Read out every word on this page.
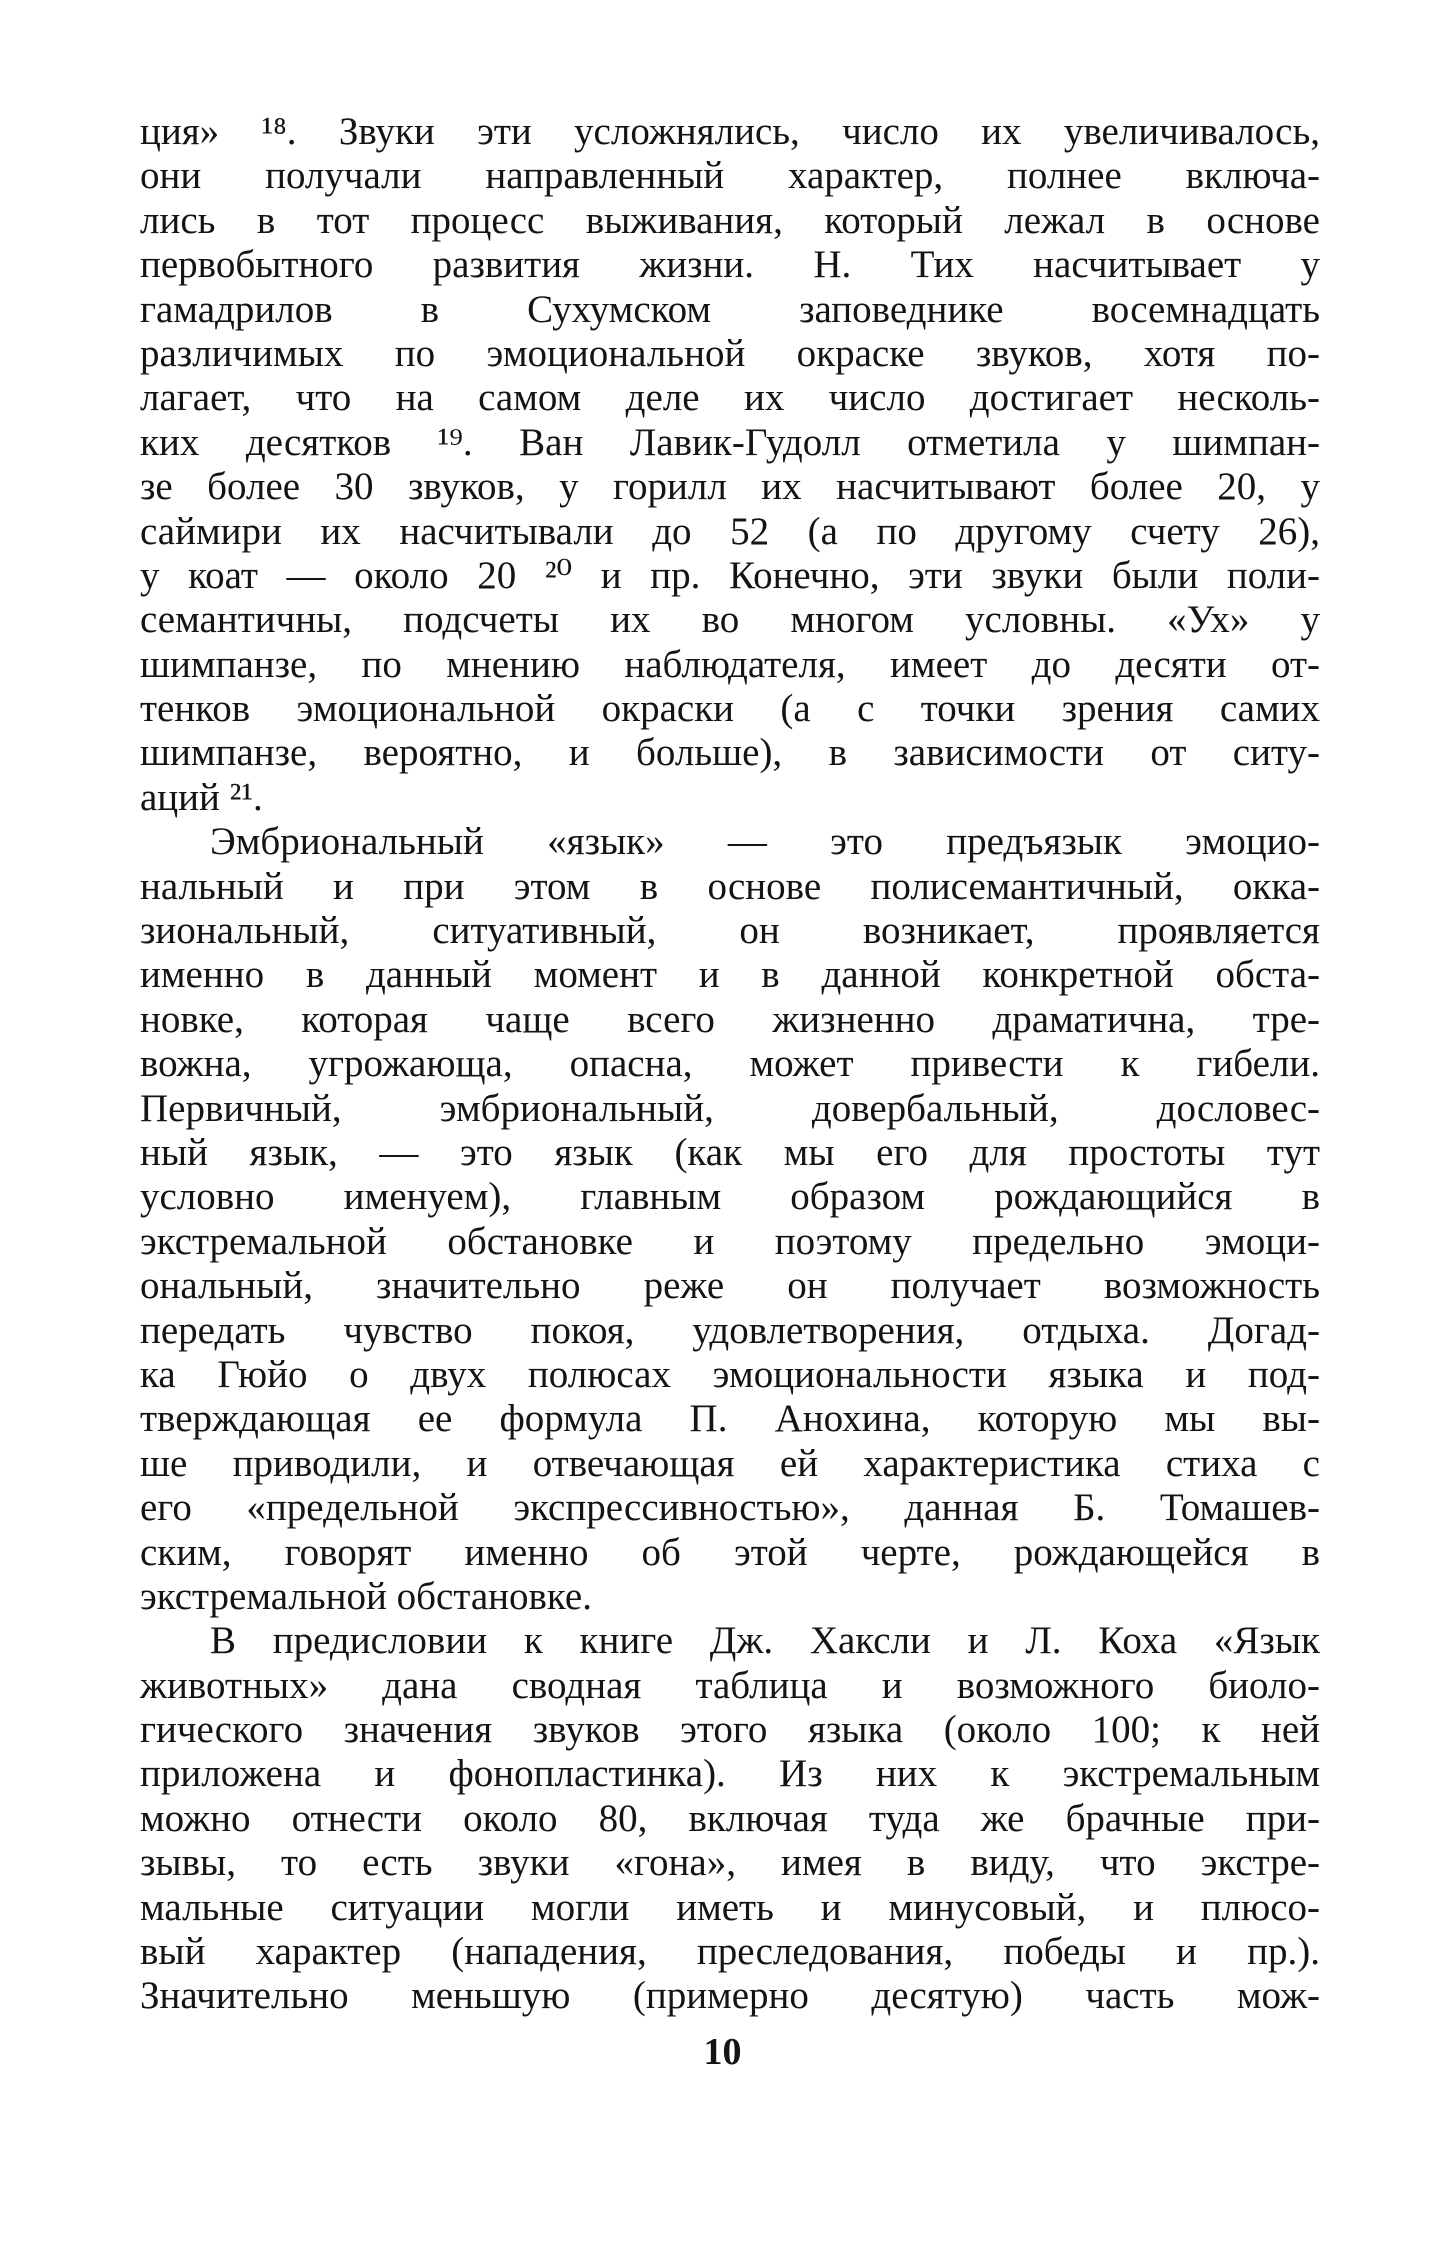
ция» ¹⁸. Звуки эти усложнялись, число их увеличивалось,
они получали направленный характер, полнее включа-
лись в тот процесс выживания, который лежал в основе
первобытного развития жизни. Н. Тих насчитывает у
гамадрилов в Сухумском заповеднике восемнадцать
различимых по эмоциональной окраске звуков, хотя по-
лагает, что на самом деле их число достигает несколь-
ких десятков ¹⁹. Ван Лавик-Гудолл отметила у шимпан-
зе более 30 звуков, у горилл их насчитывают более 20, у
саймири их насчитывали до 52 (а по другому счету 26),
у коат — около 20 ²⁰ и пр. Конечно, эти звуки были поли-
семантичны, подсчеты их во многом условны. «Ух» у
шимпанзе, по мнению наблюдателя, имеет до десяти от-
тенков эмоциональной окраски (а с точки зрения самих
шимпанзе, вероятно, и больше), в зависимости от ситу-
аций ²¹.
Эмбриональный «язык» — это предъязык эмоцио-
нальный и при этом в основе полисемантичный, окка-
зиональный, ситуативный, он возникает, проявляется
именно в данный момент и в данной конкретной обста-
новке, которая чаще всего жизненно драматична, тре-
вожна, угрожающа, опасна, может привести к гибели.
Первичный, эмбриональный, довербальный, дословес-
ный язык, — это язык (как мы его для простоты тут
условно именуем), главным образом рождающийся в
экстремальной обстановке и поэтому предельно эмоци-
ональный, значительно реже он получает возможность
передать чувство покоя, удовлетворения, отдыха. Догад-
ка Гюйо о двух полюсах эмоциональности языка и под-
тверждающая ее формула П. Анохина, которую мы вы-
ше приводили, и отвечающая ей характеристика стиха с
его «предельной экспрессивностью», данная Б. Томашев-
ским, говорят именно об этой черте, рождающейся в
экстремальной обстановке.
В предисловии к книге Дж. Хаксли и Л. Коха «Язык
животных» дана сводная таблица и возможного биоло-
гического значения звуков этого языка (около 100; к ней
приложена и фонопластинка). Из них к экстремальным
можно отнести около 80, включая туда же брачные при-
зывы, то есть звуки «гона», имея в виду, что экстре-
мальные ситуации могли иметь и минусовый, и плюсо-
вый характер (нападения, преследования, победы и пр.).
Значительно меньшую (примерно десятую) часть мож-
10
